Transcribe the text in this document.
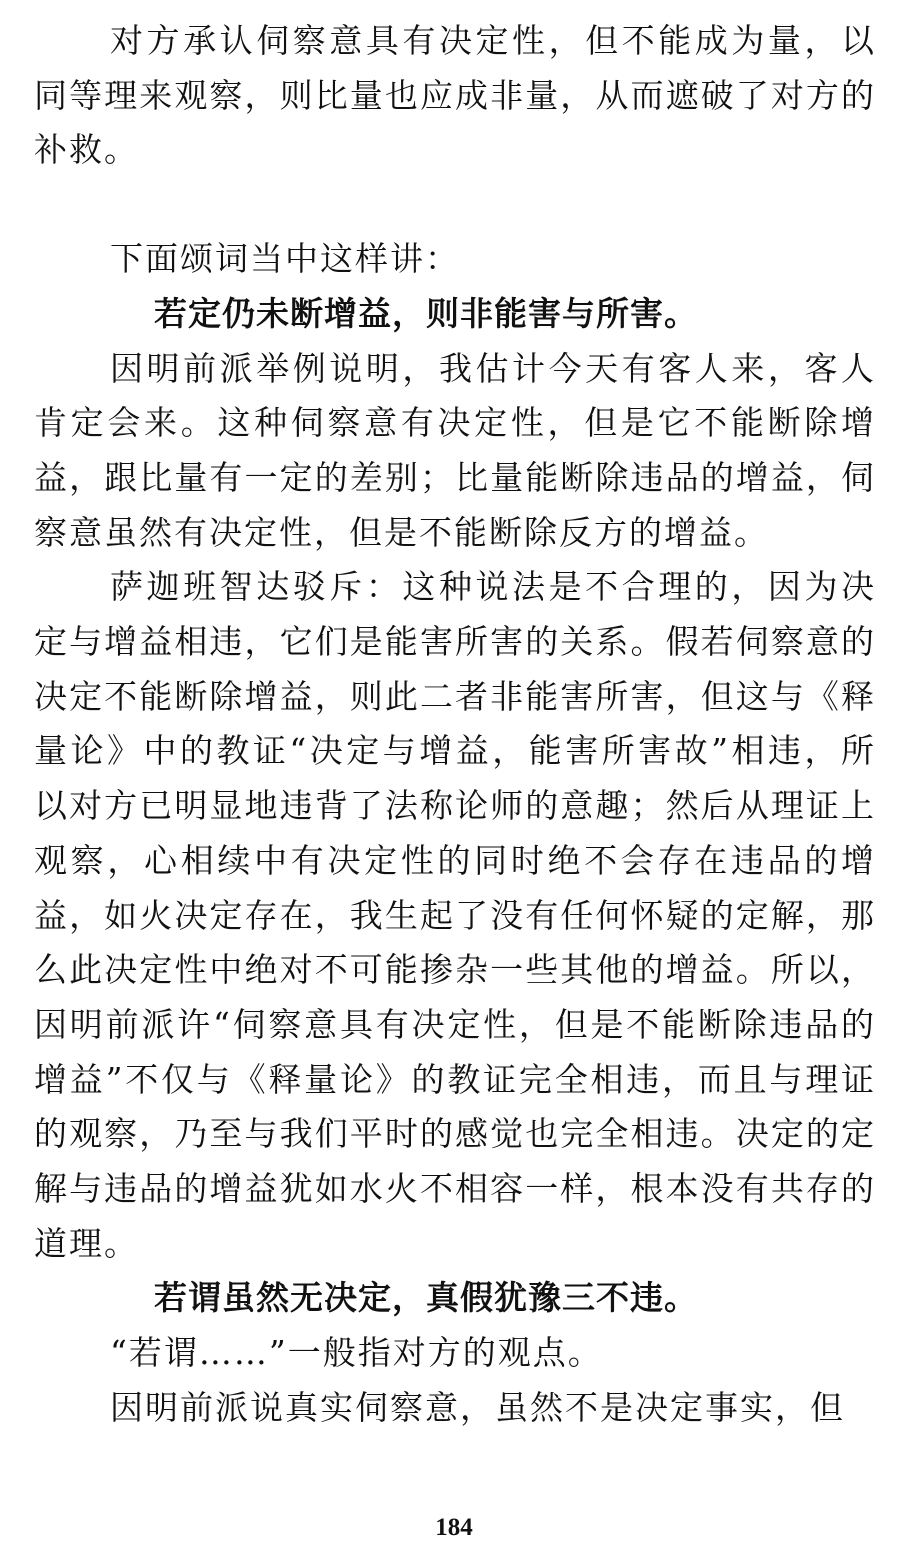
对方承认伺察意具有决定性，但不能成为量，以同等理来观察，则比量也应成非量，从而遮破了对方的补救。

下面颂词当中这样讲：

若定仍未断增益，则非能害与所害。

因明前派举例说明，我估计今天有客人来，客人肯定会来。这种伺察意有决定性，但是它不能断除增益，跟比量有一定的差别；比量能断除违品的增益，伺察意虽然有决定性，但是不能断除反方的增益。

萨迦班智达驳斥：这种说法是不合理的，因为决定与增益相违，它们是能害所害的关系。假若伺察意的决定不能断除增益，则此二者非能害所害，但这与《释量论》中的教证“决定与增益，能害所害故”相违，所以对方已明显地违背了法称论师的意趣；然后从理证上观察，心相续中有决定性的同时绝不会存在违品的增益，如火决定存在，我生起了没有任何怀疑的定解，那么此决定性中绝对不可能掺杂一些其他的增益。所以，因明前派许“伺察意具有决定性，但是不能断除违品的增益”不仅与《释量论》的教证完全相违，而且与理证的观察，乃至与我们平时的感觉也完全相违。决定的定解与违品的增益犹如水火不相容一样，根本没有共存的道理。

若谓虽然无决定，真假犹豫三不违。

“若谓……”一般指对方的观点。

因明前派说真实伺察意，虽然不是决定事实，但

184
